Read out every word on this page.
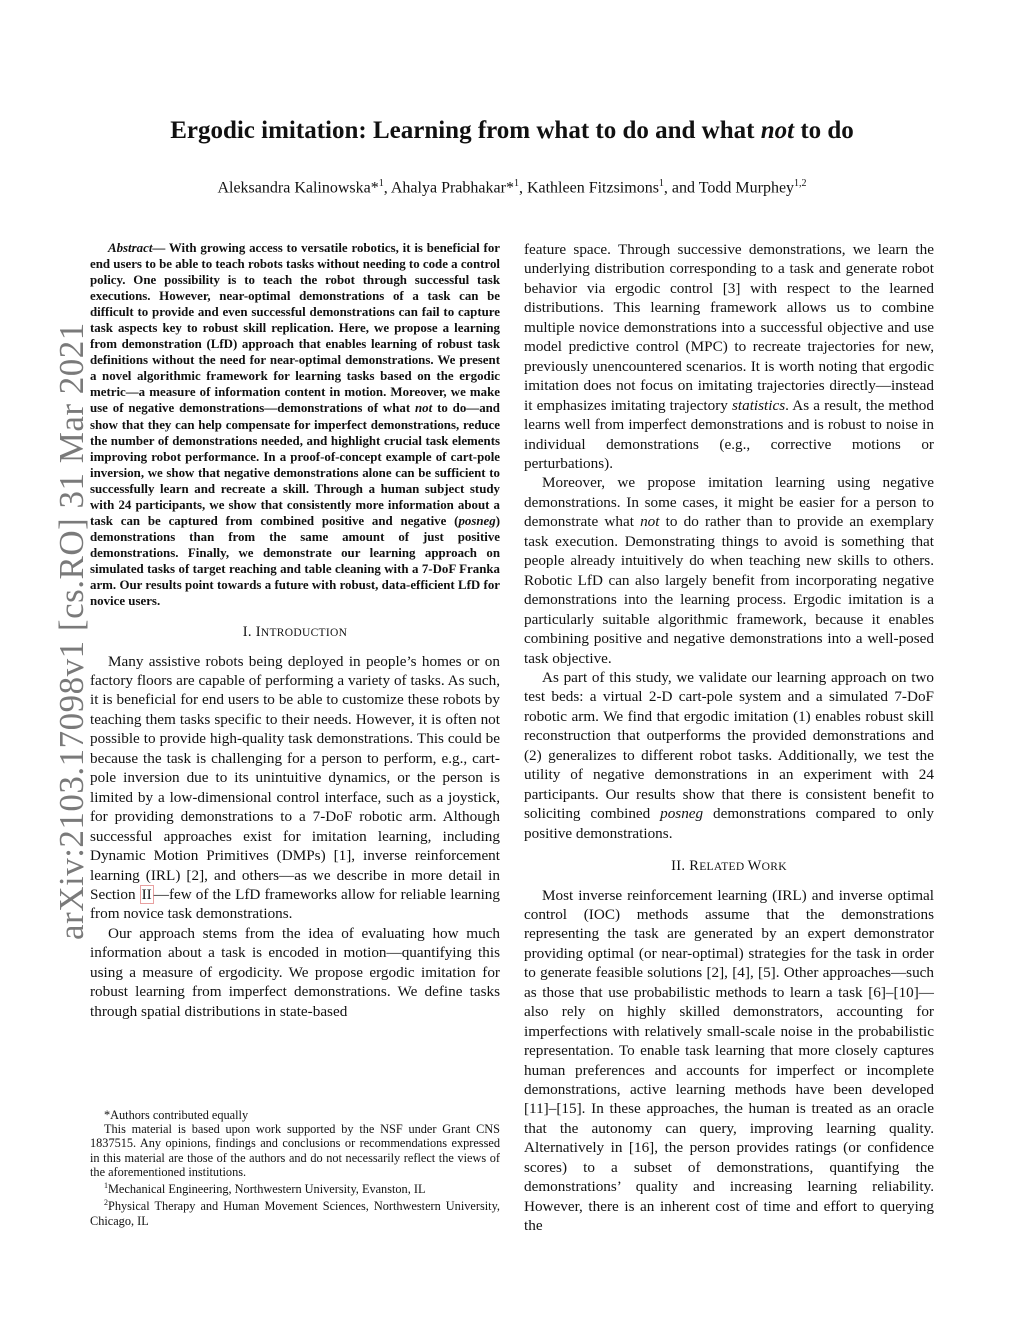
arXiv:2103.17098v1 [cs.RO] 31 Mar 2021
Ergodic imitation: Learning from what to do and what not to do
Aleksandra Kalinowska*$^1$, Ahalya Prabhakar*$^1$, Kathleen Fitzsimons$^1$, and Todd Murphey$^{1,2}$

Abstract— With growing access to versatile robotics, it is beneficial for end users to be able to teach robots tasks without needing to code a control policy. One possibility is to teach the robot through successful task executions. However, near-optimal demonstrations of a task can be difficult to provide and even successful demonstrations can fail to capture task aspects key to robust skill replication. Here, we propose a learning from demonstration (LfD) approach that enables learning of robust task definitions without the need for near-optimal demonstrations. We present a novel algorithmic framework for learning tasks based on the ergodic metric—a measure of information content in motion. Moreover, we make use of negative demonstrations—demonstrations of what not to do—and show that they can help compensate for imperfect demonstrations, reduce the number of demonstrations needed, and highlight crucial task elements improving robot performance. In a proof-of-concept example of cart-pole inversion, we show that negative demonstrations alone can be sufficient to successfully learn and recreate a skill. Through a human subject study with 24 participants, we show that consistently more information about a task can be captured from combined positive and negative (posneg) demonstrations than from the same amount of just positive demonstrations. Finally, we demonstrate our learning approach on simulated tasks of target reaching and table cleaning with a 7-DoF Franka arm. Our results point towards a future with robust, data-efficient LfD for novice users.

I. INTRODUCTION

Many assistive robots being deployed in people’s homes or on factory floors are capable of performing a variety of tasks. As such, it is beneficial for end users to be able to customize these robots by teaching them tasks specific to their needs. However, it is often not possible to provide high-quality task demonstrations. This could be because the task is challenging for a person to perform, e.g., cart-pole inversion due to its unintuitive dynamics, or the person is limited by a low-dimensional control interface, such as a joystick, for providing demonstrations to a 7-DoF robotic arm. Although successful approaches exist for imitation learning, including Dynamic Motion Primitives (DMPs) [1], inverse reinforcement learning (IRL) [2], and others—as we describe in more detail in Section II —few of the LfD frameworks allow for reliable learning from novice task demonstrations.

Our approach stems from the idea of evaluating how much information about a task is encoded in motion—quantifying this using a measure of ergodicity. We propose ergodic imitation for robust learning from imperfect demonstrations. We define tasks through spatial distributions in state-based

*Authors contributed equally

This material is based upon work supported by the NSF under Grant CNS 1837515. Any opinions, findings and conclusions or recommendations expressed in this material are those of the authors and do not necessarily reflect the views of the aforementioned institutions.

$^1$Mechanical Engineering, Northwestern University, Evanston, IL

$^2$Physical Therapy and Human Movement Sciences, Northwestern University, Chicago, IL

feature space. Through successive demonstrations, we learn the underlying distribution corresponding to a task and generate robot behavior via ergodic control [3] with respect to the learned distributions. This learning framework allows us to combine multiple novice demonstrations into a successful objective and use model predictive control (MPC) to recreate trajectories for new, previously unencountered scenarios. It is worth noting that ergodic imitation does not focus on imitating trajectories directly—instead it emphasizes imitating trajectory statistics. As a result, the method learns well from imperfect demonstrations and is robust to noise in individual demonstrations (e.g., corrective motions or perturbations).

Moreover, we propose imitation learning using negative demonstrations. In some cases, it might be easier for a person to demonstrate what not to do rather than to provide an exemplary task execution. Demonstrating things to avoid is something that people already intuitively do when teaching new skills to others. Robotic LfD can also largely benefit from incorporating negative demonstrations into the learning process. Ergodic imitation is a particularly suitable algorithmic framework, because it enables combining positive and negative demonstrations into a well-posed task objective.

As part of this study, we validate our learning approach on two test beds: a virtual 2-D cart-pole system and a simulated 7-DoF robotic arm. We find that ergodic imitation (1) enables robust skill reconstruction that outperforms the provided demonstrations and (2) generalizes to different robot tasks. Additionally, we test the utility of negative demonstrations in an experiment with 24 participants. Our results show that there is consistent benefit to soliciting combined posneg demonstrations compared to only positive demonstrations.

II. RELATED WORK

Most inverse reinforcement learning (IRL) and inverse optimal control (IOC) methods assume that the demonstrations representing the task are generated by an expert demonstrator providing optimal (or near-optimal) strategies for the task in order to generate feasible solutions [2], [4], [5]. Other approaches—such as those that use probabilistic methods to learn a task [6]–[10]—also rely on highly skilled demonstrators, accounting for imperfections with relatively small-scale noise in the probabilistic representation. To enable task learning that more closely captures human preferences and accounts for imperfect or incomplete demonstrations, active learning methods have been developed [11]–[15]. In these approaches, the human is treated as an oracle that the autonomy can query, improving learning quality. Alternatively in [16], the person provides ratings (or confidence scores) to a subset of demonstrations, quantifying the demonstrations’ quality and increasing learning reliability. However, there is an inherent cost of time and effort to querying the
